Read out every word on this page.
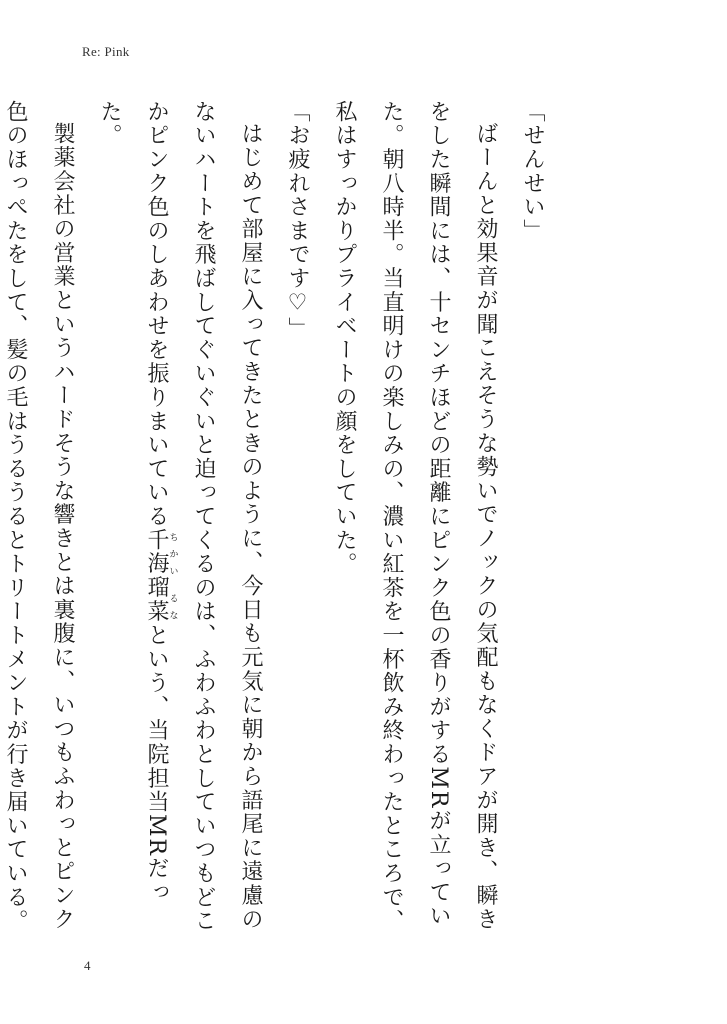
Re: Pink

「せんせい」

ばーんと効果音が聞こえそうな勢いでノックの気配もなくドアが開き、瞬きをした瞬間には、十センチほどの距離にピンク色の香りがするMRが立っていた。朝八時半。当直明けの楽しみの、濃い紅茶を一杯飲み終わったところで、私はすっかりプライベートの顔をしていた。

「お疲れさまです♡」

はじめて部屋に入ってきたときのように、今日も元気に朝から語尾に遠慮のないハートを飛ばしてぐいぐいと迫ってくるのは、ふわふわとしていつもどこかピンク色のしあわせを振りまいている千海瑠菜ちかい るなという、当院担当MRだった。

製薬会社の営業というハードそうな響きとは裏腹に、いつもふわっとピンク色のほっぺたをして、髪の毛はうるうるとトリートメントが行き届いている。

4
